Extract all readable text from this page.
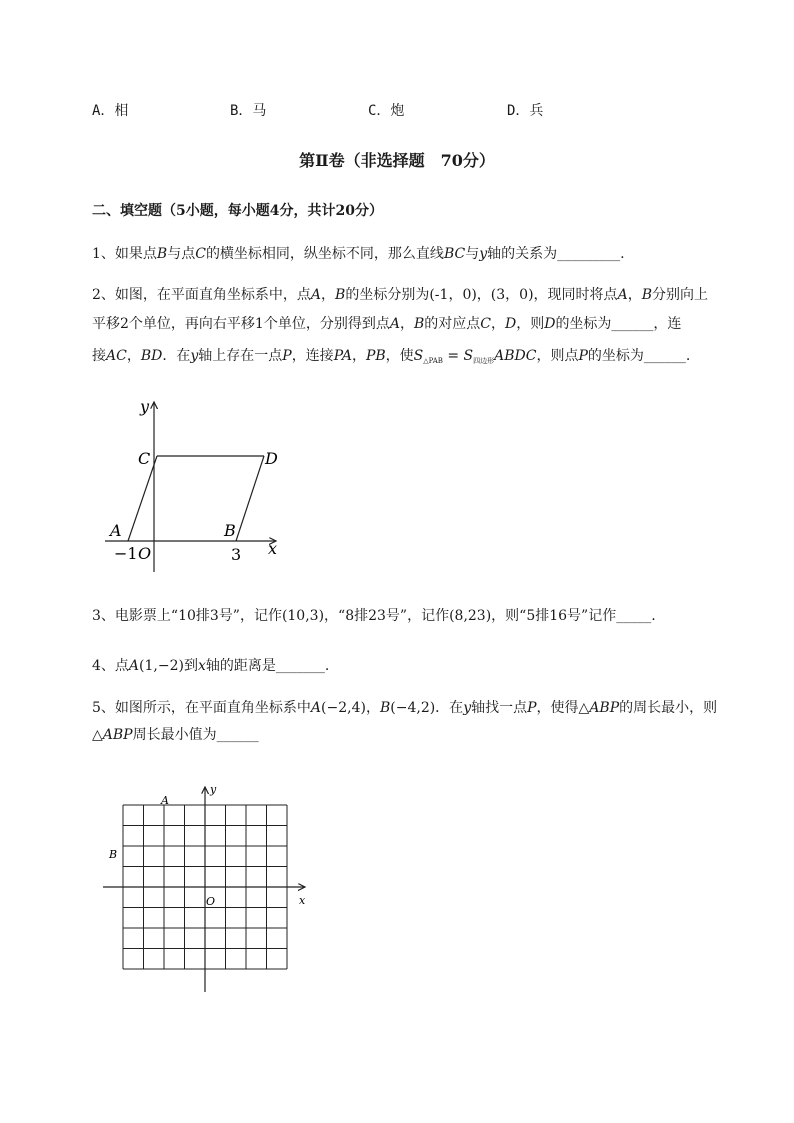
A．相	B．马	C．炮	D．兵
第Ⅱ卷（非选择题　70分）
二、填空题（5小题，每小题4分，共计20分）
1、如果点B与点C的横坐标相同，纵坐标不同，那么直线BC与y轴的关系为_________.
2、如图，在平面直角坐标系中，点A，B的坐标分别为(-1，0)，(3，0)，现同时将点A，B分别向上
平移2个单位，再向右平移1个单位，分别得到点A，B的对应点C，D，则D的坐标为______，连
接AC，BD．在y轴上存在一点P，连接PA，PB，使$S_{\triangle PAB}$ = $S_{四边形}ABDC$，则点P的坐标为______.
y
x
C	D
A	B
−1 O	3
3、电影票上“10排3号”，记作(10,3)，“8排23号”，记作(8,23)，则“5排16号”记作_____.
4、点A(1,−2)到x轴的距离是_______.
5、如图所示，在平面直角坐标系中A(−2,4)，B(−4,2)．在y轴找一点P，使得△ABP的周长最小，则
△ABP周长最小值为______
y
x
A
B
O
